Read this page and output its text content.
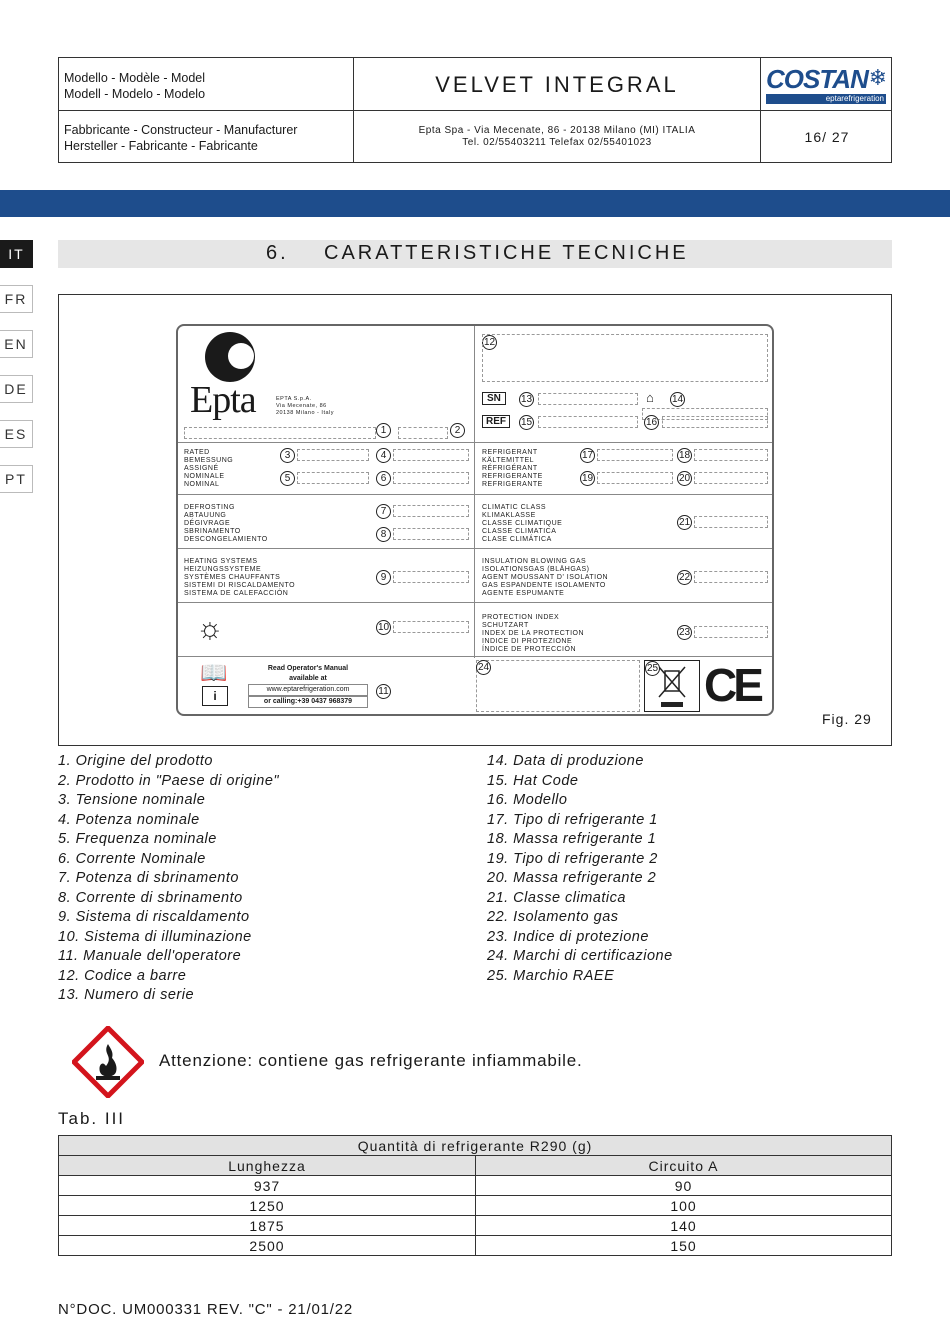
Modello - Modèle - Model
Modell - Modelo - Modelo	VELVET INTEGRAL	COSTAN ❄
eptarefrigeration
Fabbricante - Constructeur - Manufacturer
Hersteller - Fabricante - Fabricante
Epta Spa - Via Mecenate, 86 - 20138 Milano (MI) ITALIA
Tel. 02/55403211 Telefax 02/55401023	16/ 27
IT
FR
EN
DE
ES
PT
6. CARATTERISTICHE TECNICHE
Epta	EPTA S.p.A.
Via Mecenate, 86
20138 Milano - Italy
1	2
12
SN	13	⌂ 14
REF	15	16
RATED
BEMESSUNG
ASSIGNÉ
NOMINALE
NOMINAL
3	4
5	6
REFRIGERANT
KÄLTEMITTEL
RÉFRIGÉRANT
REFRIGERANTE
REFRIGERANTE
17	18
19	20
DEFROSTING
ABTAUUNG
DÉGIVRAGE
SBRINAMENTO
DESCONGELAMIENTO
7
8
CLIMATIC CLASS
KLIMAKLASSE
CLASSE CLIMATIQUE
CLASSE CLIMATICA
CLASE CLIMÁTICA
21
HEATING SYSTEMS
HEIZUNGSSYSTEME
SYSTÈMES CHAUFFANTS
SISTEMI DI RISCALDAMENTO
SISTEMA DE CALEFACCIÓN
9
INSULATION BLOWING GAS
ISOLATIONSGAS (BLÄHGAS)
AGENT MOUSSANT D' ISOLATION
GAS ESPANDENTE ISOLAMENTO
AGENTE ESPUMANTE
22
☼	10
PROTECTION INDEX
SCHUTZART
INDEX DE LA PROTECTION
INDICE DI PROTEZIONE
ÍNDICE DE PROTECCIÓN
23
📖
i
Read Operator's Manual
available at
www.eptarefrigeration.com
or calling:+39 0437 968379
11
24	25 CE
Fig. 29
1. Origine del prodotto
2. Prodotto in "Paese di origine"
3. Tensione nominale
4. Potenza nominale
5. Frequenza nominale
6. Corrente Nominale
7. Potenza di sbrinamento
8. Corrente di sbrinamento
9. Sistema di riscaldamento
10. Sistema di illuminazione
11. Manuale dell'operatore
12. Codice a barre
13. Numero di serie
14. Data di produzione
15. Hat Code
16. Modello
17. Tipo di refrigerante 1
18. Massa refrigerante 1
19. Tipo di refrigerante 2
20. Massa refrigerante 2
21. Classe climatica
22. Isolamento gas
23. Indice di protezione
24. Marchi di certificazione
25. Marchio RAEE
Attenzione: contiene gas refrigerante infiammabile.
Tab. III
Quantità di refrigerante R290 (g)	
Lunghezza	Circuito A
937	90
1250	100
1875	140
2500	150
N°DOC. UM000331 REV. "C" - 21/01/22
